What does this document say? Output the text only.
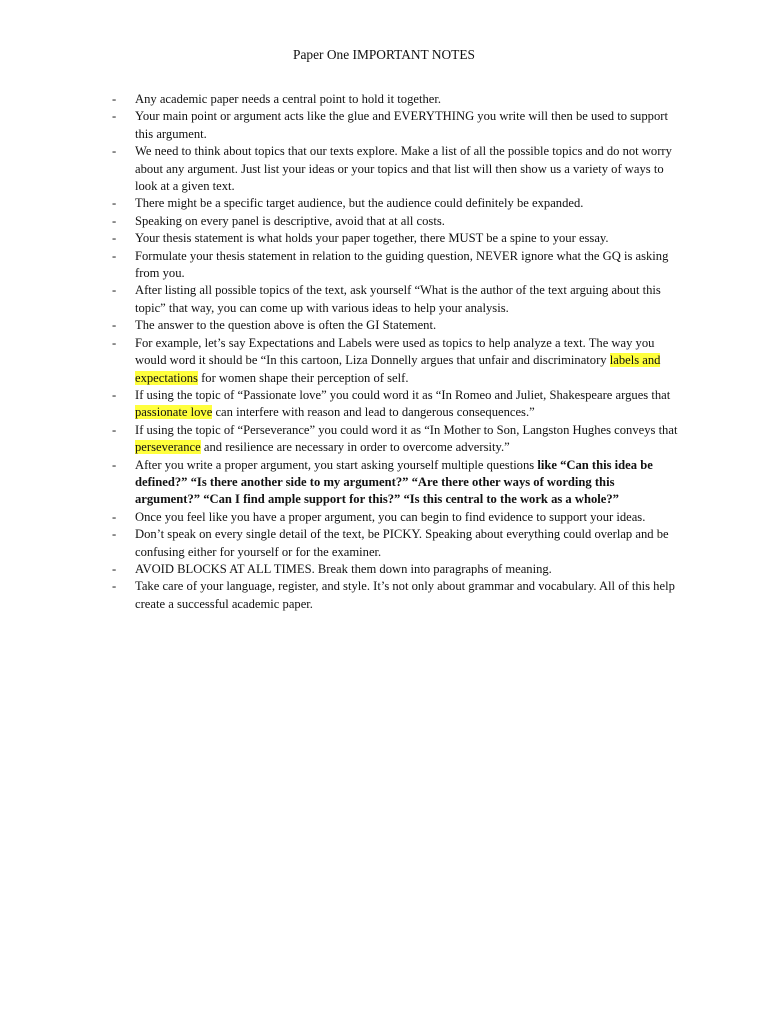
Paper One IMPORTANT NOTES
- Any academic paper needs a central point to hold it together.
- Your main point or argument acts like the glue and EVERYTHING you write will then be used to support this argument.
- We need to think about topics that our texts explore. Make a list of all the possible topics and do not worry about any argument. Just list your ideas or your topics and that list will then show us a variety of ways to look at a given text.
- There might be a specific target audience, but the audience could definitely be expanded.
- Speaking on every panel is descriptive, avoid that at all costs.
- Your thesis statement is what holds your paper together, there MUST be a spine to your essay.
- Formulate your thesis statement in relation to the guiding question, NEVER ignore what the GQ is asking from you.
- After listing all possible topics of the text, ask yourself “What is the author of the text arguing about this topic” that way, you can come up with various ideas to help your analysis.
- The answer to the question above is often the GI Statement.
- For example, let’s say Expectations and Labels were used as topics to help analyze a text. The way you would word it should be “In this cartoon, Liza Donnelly argues that unfair and discriminatory labels and expectations for women shape their perception of self.
- If using the topic of “Passionate love” you could word it as “In Romeo and Juliet, Shakespeare argues that passionate love can interfere with reason and lead to dangerous consequences.”
- If using the topic of “Perseverance” you could word it as “In Mother to Son, Langston Hughes conveys that perseverance and resilience are necessary in order to overcome adversity.”
- After you write a proper argument, you start asking yourself multiple questions like “Can this idea be defined?” “Is there another side to my argument?” “Are there other ways of wording this argument?” “Can I find ample support for this?” “Is this central to the work as a whole?”
- Once you feel like you have a proper argument, you can begin to find evidence to support your ideas.
- Don’t speak on every single detail of the text, be PICKY. Speaking about everything could overlap and be confusing either for yourself or for the examiner.
- AVOID BLOCKS AT ALL TIMES. Break them down into paragraphs of meaning.
- Take care of your language, register, and style. It’s not only about grammar and vocabulary. All of this help create a successful academic paper.
